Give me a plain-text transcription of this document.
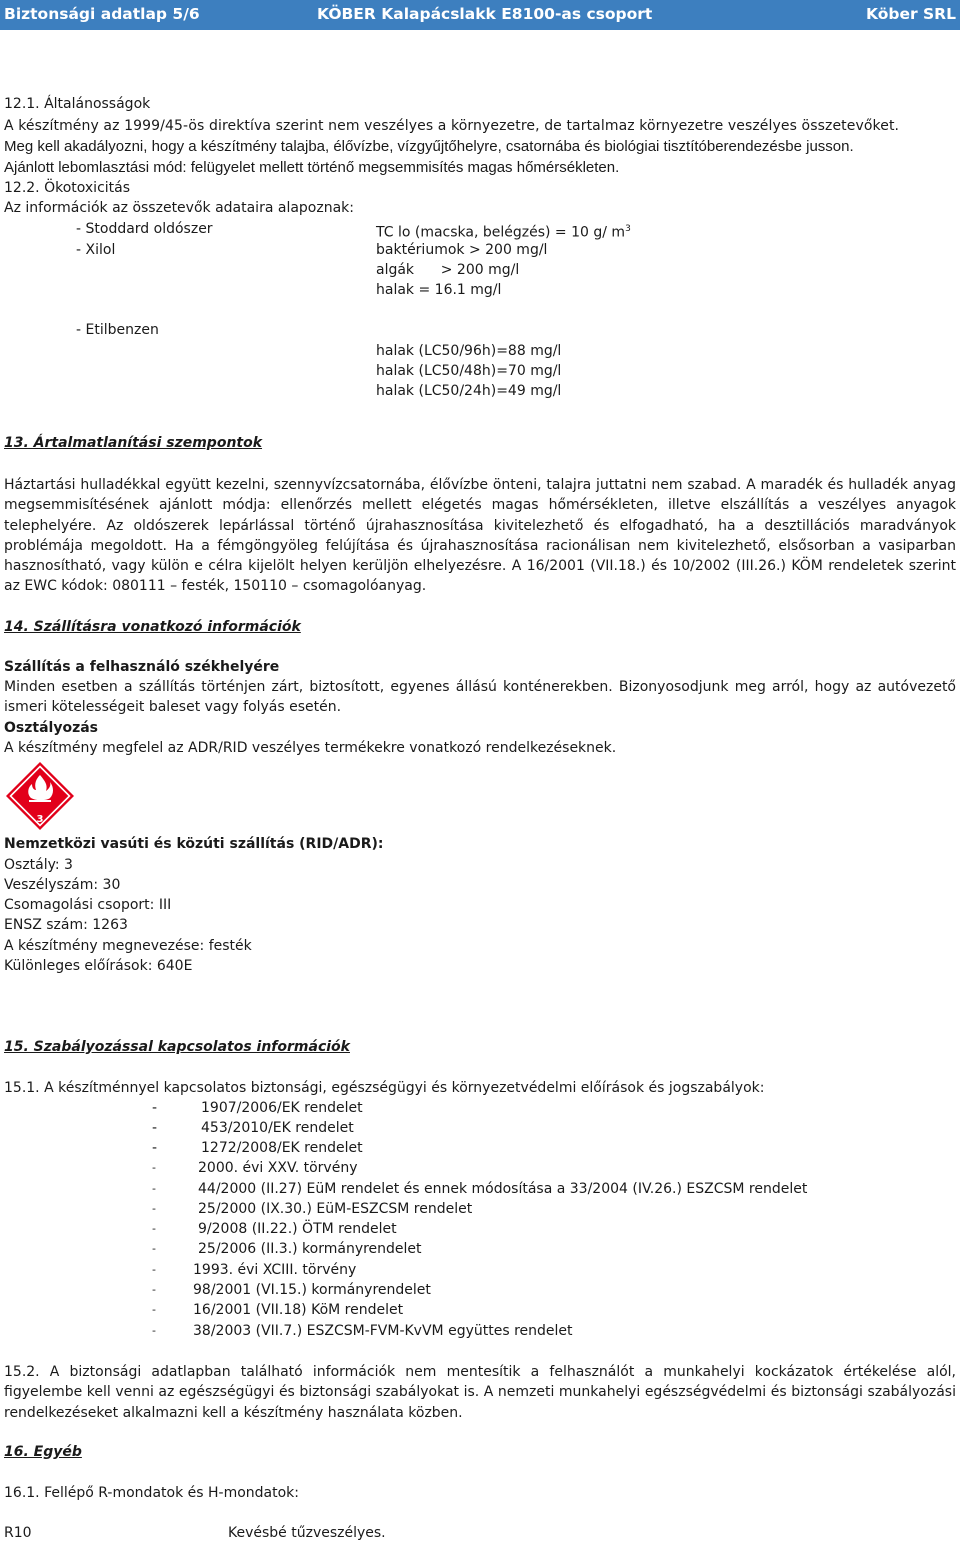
Biztonsági adatlap 5/6	KÖBER Kalapácslakk E8100-as csoport	Köber SRL
12.1. Általánosságok
A készítmény az 1999/45-ös direktíva szerint nem veszélyes a környezetre, de tartalmaz környezetre veszélyes összetevőket.
Meg kell akadályozni, hogy a készítmény talajba, élővízbe, vízgyűjtőhelyre, csatornába és biológiai tisztítóberendezésbe jusson.
Ajánlott lebomlasztási mód: felügyelet mellett történő megsemmisítés magas hőmérsékleten.
12.2. Ökotoxicitás
Az információk az összetevők adataira alapoznak:
- Stoddard oldószer	TC lo (macska, belégzés) = 10 g/ $m^3$
- Xilol	baktériumok > 200 mg/l
algák      > 200 mg/l
halak = 16.1 mg/l
- Etilbenzen
halak (LC50/96h)=88 mg/l
halak (LC50/48h)=70 mg/l
halak (LC50/24h)=49 mg/l
13. Ártalmatlanítási szempontok
Háztartási hulladékkal együtt kezelni, szennyvízcsatornába, élővízbe önteni, talajra juttatni nem szabad. A maradék és hulladék anyag megsemmisítésének ajánlott módja: ellenőrzés mellett elégetés magas hőmérsékleten, illetve elszállítás a veszélyes anyagok telephelyére. Az oldószerek lepárlással történő újrahasznosítása kivitelezhető és elfogadható, ha a desztillációs maradványok problémája megoldott. Ha a fémgöngyöleg felújítása és újrahasznosítása racionálisan nem kivitelezhető, elsősorban a vasiparban hasznosítható, vagy külön e célra kijelölt helyen kerüljön elhelyezésre. A 16/2001 (VII.18.) és 10/2002 (III.26.) KÖM rendeletek szerint az EWC kódok: 080111 – festék, 150110 – csomagolóanyag.
14. Szállításra vonatkozó információk
Szállítás a felhasználó székhelyére
Minden esetben a szállítás történjen zárt, biztosított, egyenes állású konténerekben. Bizonyosodjunk meg arról, hogy az autóvezető ismeri kötelességeit baleset vagy folyás esetén.
Osztályozás
A készítmény megfelel az ADR/RID veszélyes termékekre vonatkozó rendelkezéseknek.
3
Nemzetközi vasúti és közúti szállítás (RID/ADR):
Osztály: 3
Veszélyszám: 30
Csomagolási csoport: III
ENSZ szám: 1263
A készítmény megnevezése: festék
Különleges előírások: 640E
15. Szabályozással kapcsolatos információk
15.1. A készítménnyel kapcsolatos biztonsági, egészségügyi és környezetvédelmi előírások és jogszabályok:
-	1907/2006/EK rendelet
-	453/2010/EK rendelet
-	1272/2008/EK rendelet
-	2000. évi XXV. törvény
-	44/2000 (II.27) EüM rendelet és ennek módosítása a 33/2004 (IV.26.) ESZCSM rendelet
-	25/2000 (IX.30.) EüM-ESZCSM rendelet
-	9/2008 (II.22.) ÖTM rendelet
-	25/2006 (II.3.) kormányrendelet
-	1993. évi XCIII. törvény
-	98/2001 (VI.15.) kormányrendelet
-	16/2001 (VII.18) KöM rendelet
-	38/2003 (VII.7.) ESZCSM-FVM-KvVM együttes rendelet
15.2. A biztonsági adatlapban található információk nem mentesítik a felhasználót a munkahelyi kockázatok értékelése alól, figyelembe kell venni az egészségügyi és biztonsági szabályokat is. A nemzeti munkahelyi egészségvédelmi és biztonsági szabályozási rendelkezéseket alkalmazni kell a készítmény használata közben.
16. Egyéb
16.1. Fellépő R-mondatok és H-mondatok:
R10	Kevésbé tűzveszélyes.
